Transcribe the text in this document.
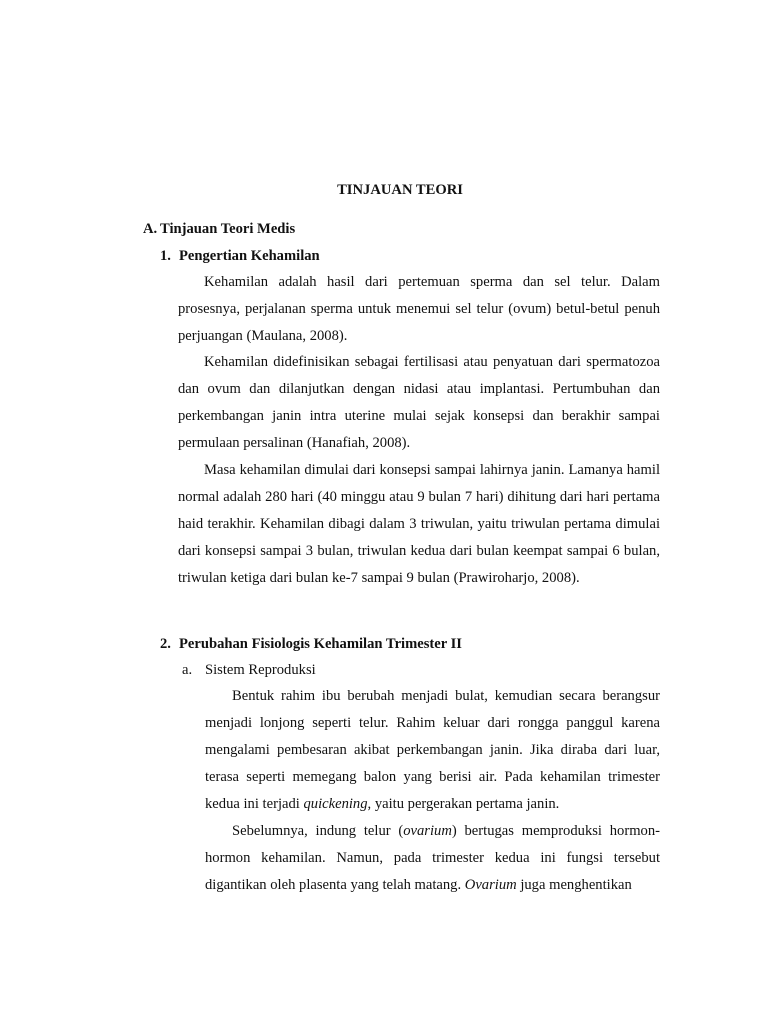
TINJAUAN TEORI
A. Tinjauan Teori Medis
1. Pengertian Kehamilan

Kehamilan adalah hasil dari pertemuan sperma dan sel telur. Dalam prosesnya, perjalanan sperma untuk menemui sel telur (ovum) betul-betul penuh perjuangan (Maulana, 2008).

Kehamilan didefinisikan sebagai fertilisasi atau penyatuan dari spermatozoa dan ovum dan dilanjutkan dengan nidasi atau implantasi. Pertumbuhan dan perkembangan janin intra uterine mulai sejak konsepsi dan berakhir sampai permulaan persalinan (Hanafiah, 2008).

Masa kehamilan dimulai dari konsepsi sampai lahirnya janin. Lamanya hamil normal adalah 280 hari (40 minggu atau 9 bulan 7 hari) dihitung dari hari pertama haid terakhir. Kehamilan dibagi dalam 3 triwulan, yaitu triwulan pertama dimulai dari konsepsi sampai 3 bulan, triwulan kedua dari bulan keempat sampai 6 bulan, triwulan ketiga dari bulan ke-7 sampai 9 bulan (Prawiroharjo, 2008).

2. Perubahan Fisiologis Kehamilan Trimester II
a. Sistem Reproduksi

Bentuk rahim ibu berubah menjadi bulat, kemudian secara berangsur menjadi lonjong seperti telur. Rahim keluar dari rongga panggul karena mengalami pembesaran akibat perkembangan janin. Jika diraba dari luar, terasa seperti memegang balon yang berisi air. Pada kehamilan trimester kedua ini terjadi quickening, yaitu pergerakan pertama janin.

Sebelumnya, indung telur (ovarium) bertugas memproduksi hormon-hormon kehamilan. Namun, pada trimester kedua ini fungsi tersebut digantikan oleh plasenta yang telah matang. Ovarium juga menghentikan
